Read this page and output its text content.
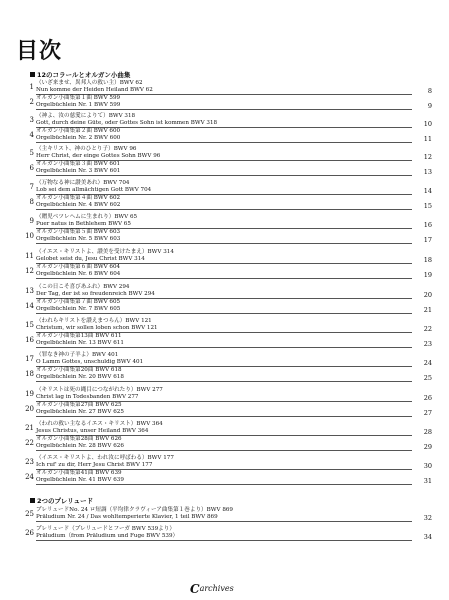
目次
12のコラールとオルガン小曲集
1 （いざ来ませ、異邦人の救い主）BWV 62
Nun komme der Heiden Heiland BWV 62	8
2 オルガン小曲集第１曲 BWV 599
Orgelbüchlein Nr. 1 BWV 599	9
3 （神よ、汝の慈愛によりて）BWV 318
Gott, durch deine Güte, oder Gottes Sohn ist kommen BWV 318	10
4 オルガン小曲集第２曲 BWV 600
Orgelbüchlein Nr. 2 BWV 600	11
5 （主キリスト、神のひとり子）BWV 96
Herr Christ, der einge Gottes Sohn BWV 96	12
6 オルガン小曲集第３曲 BWV 601
Orgelbüchlein Nr. 3 BWV 601	13
7 （万物なる神に讃美あれ）BWV 704
Lob sei dem allmächtigen Gott BWV 704	14
8 オルガン小曲集第４曲 BWV 602
Orgelbüchlein Nr. 4 BWV 602	15
9 （贈児ベツレヘムに生まれり）BWV 65
Puer natus in Bethlehem BWV 65	16
10 オルガン小曲集第５曲 BWV 603
Orgelbüchlein Nr. 5 BWV 603	17
11 （イエス・キリストよ、讃美を受けたまえ）BWV 314
Gelobet seist du, Jesu Christ BWV 314	18
12 オルガン小曲集第６曲 BWV 604
Orgelbüchlein Nr. 6 BWV 604	19
13 （この日こそ喜びあふれ）BWV 294
Der Tag, der ist so freudenreich BWV 294	20
14 オルガン小曲集第７曲 BWV 605
Orgelbüchlein Nr. 7 BWV 605	21
15 （われらキリストを讃えまつらん）BWV 121
Christum, wir sollen loben schon BWV 121	22
16 オルガン小曲集第13曲 BWV 611
Orgelbüchlein Nr. 13 BWV 611	23
17 （罪なき神の子羊よ）BWV 401
O Lamm Gottes, unschuldig BWV 401	24
18 オルガン小曲集第20曲 BWV 618
Orgelbüchlein Nr. 20 BWV 618	25
19 （キリストは死の縄目につながれたり）BWV 277
Christ lag in Todesbanden BWV 277	26
20 オルガン小曲集第27曲 BWV 625
Orgelbüchlein Nr. 27 BWV 625	27
21 （われの救い主なるイエス・キリスト）BWV 364
Jesus Christus, unser Heiland BWV 364	28
22 オルガン小曲集第28曲 BWV 626
Orgelbüchlein Nr. 28 BWV 626	29
23 （イエス・キリストよ、われ汝に呼ばわる）BWV 177
Ich ruf' zu dir, Herr Jesu Christ BWV 177	30
24 オルガン小曲集第41曲 BWV 639
Orgelbüchlein Nr. 41 BWV 639	31
25 プレリュードNo. 24 ロ短調（平均律クラヴィーア曲集第１巻より）BWV 869
Präludium Nr. 24 / Das wohltemperierte Klavier, 1 teil BWV 869	32
26 プレリュード（プレリュードとフーガ BWV 539より）
Präludium（from Präludium und Fuge BWV 539）	34
2つのプレリュード
Carchives
